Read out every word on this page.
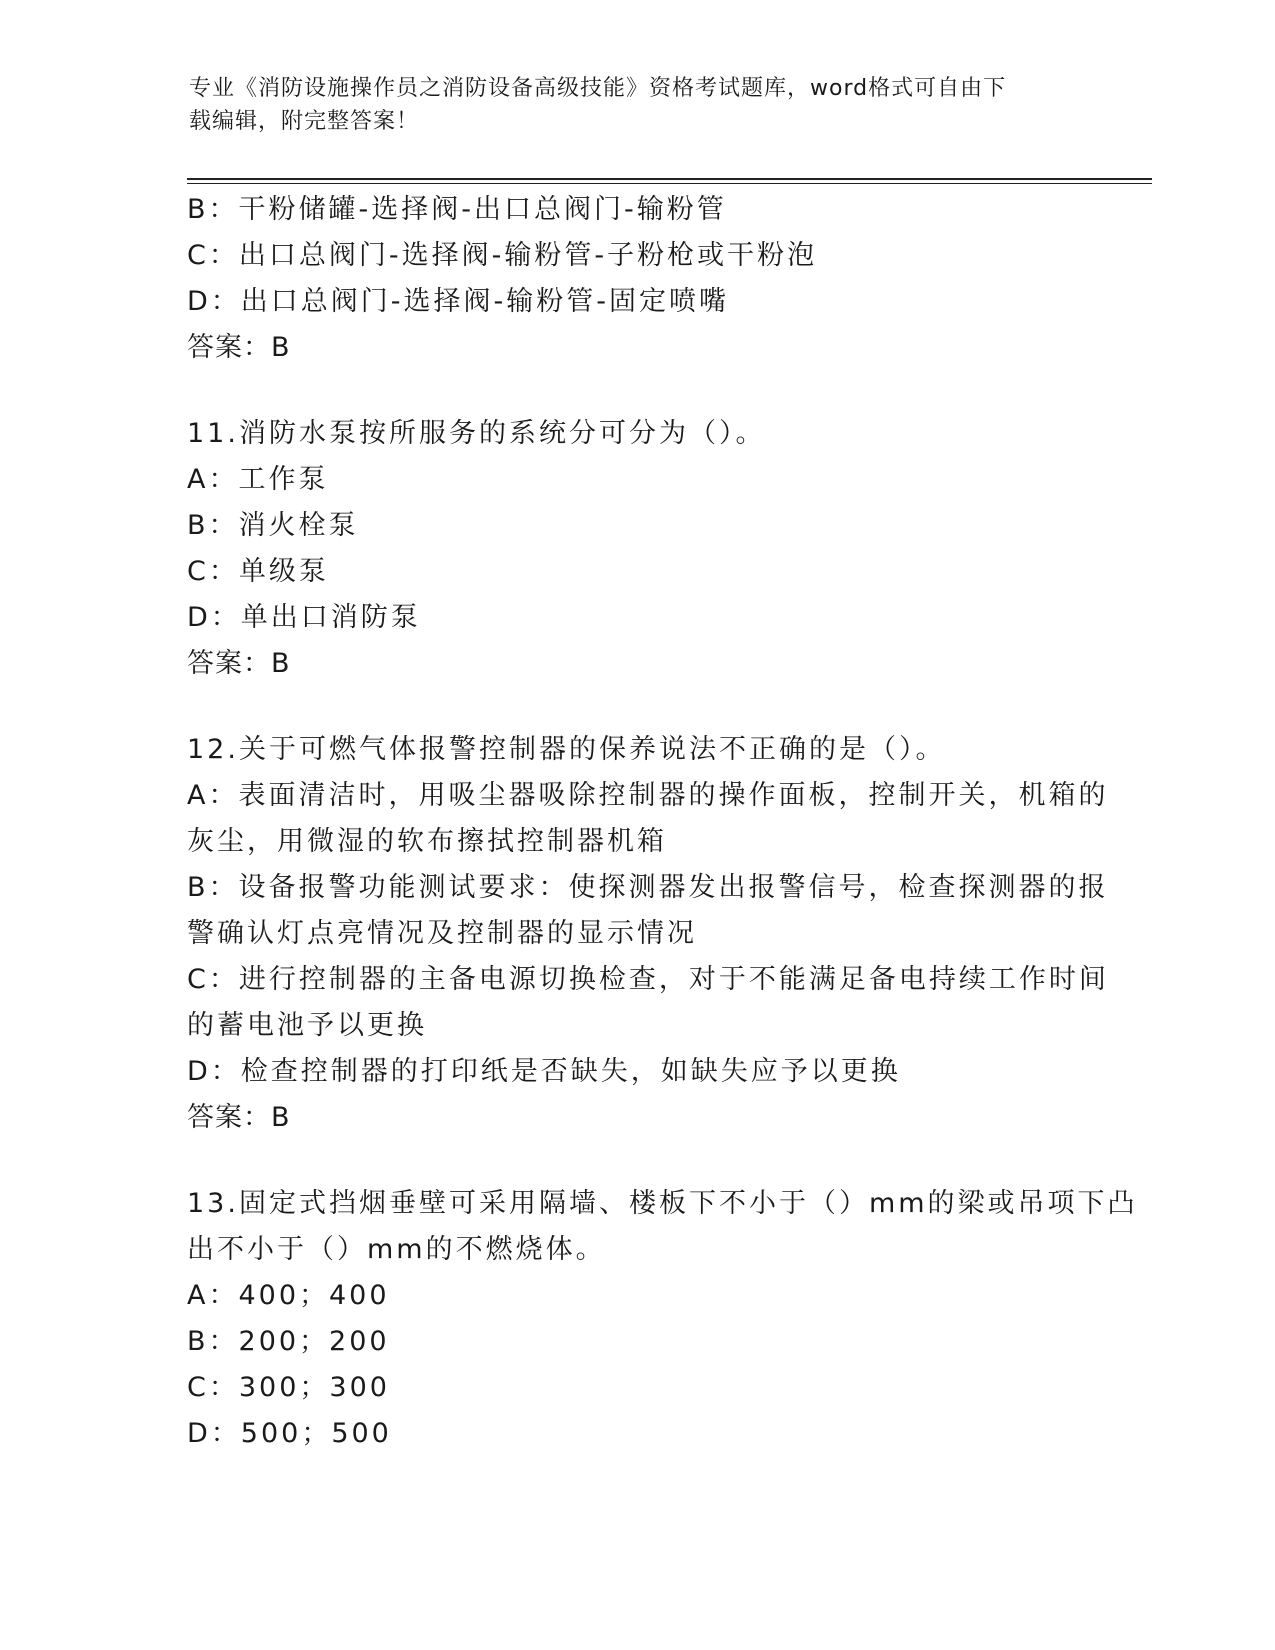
专业《消防设施操作员之消防设备高级技能》资格考试题库，word格式可自由下
载编辑，附完整答案！
B：干粉储罐-选择阀-出口总阀门-输粉管
C：出口总阀门-选择阀-输粉管-子粉枪或干粉泡
D：出口总阀门-选择阀-输粉管-固定喷嘴
答案：B
11.消防水泵按所服务的系统分可分为（）。
A：工作泵
B：消火栓泵
C：单级泵
D：单出口消防泵
答案：B
12.关于可燃气体报警控制器的保养说法不正确的是（）。
A：表面清洁时，用吸尘器吸除控制器的操作面板，控制开关，机箱的
灰尘，用微湿的软布擦拭控制器机箱
B：设备报警功能测试要求：使探测器发出报警信号，检查探测器的报
警确认灯点亮情况及控制器的显示情况
C：进行控制器的主备电源切换检查，对于不能满足备电持续工作时间
的蓄电池予以更换
D：检查控制器的打印纸是否缺失，如缺失应予以更换
答案：B
13.固定式挡烟垂壁可采用隔墙、楼板下不小于（）mm的梁或吊项下凸
出不小于（）mm的不燃烧体。
A：400；400
B：200；200
C：300；300
D：500；500
